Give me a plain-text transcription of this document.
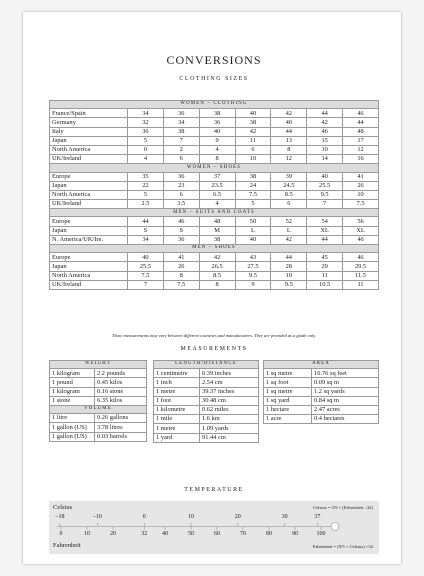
CONVERSIONS
CLOTHING SIZES
WOMEN – CLOTHING							
France/Spain	34	36	38	40	42	44	46
Germany	32	34	36	38	40	42	44
Italy	36	38	40	42	44	46	48
Japan	5	7	9	11	13	15	17
North America	0	2	4	6	8	10	12
UK/Ireland	4	6	8	10	12	14	16
WOMEN – SHOES							
Europe	35	36	37	38	39	40	41
Japan	22	23	23.5	24	24.5	25.5	26
North America	5	6	6.5	7.5	8.5	9.5	10
UK/Ireland	2.5	3.5	4	5	6	7	7.5
MEN – SUITS AND COATS							
Europe	44	46	48	50	52	54	56
Japan	S	S	M	L	L	XL	XL
N. America/UK/Ire.	34	36	38	40	42	44	46
MEN – SHOES							
Europe	40	41	42	43	44	45	46
Japan	25.5	26	26.5	27.5	28	29	29.5
North America	7.5	8	8.5	9.5	10	11	11.5
UK/Ireland	7	7.5	8	9	9.5	10.5	11
These measurements may vary between different countries and manufacturers. They are provided as a guide only.
MEASUREMENTS
WEIGHT	
1 kilogram	2.2 pounds
1 pound	0.45 kilos
1 kilogram	0.16 stone
1 stone	6.35 kilos
VOLUME	
1 litre	0.26 gallons
1 gallon (US)	3.78 litres
1 gallon (US)	0.03 barrels
LENGTH/DISTANCE	
1 centimetre	0.39 inches
1 inch	2.54 cm
1 metre	39.37 inches
1 foot	30.48 cm
1 kilometre	0.62 miles
1 mile	1.6 km
1 metre	1.09 yards
1 yard	91.44 cm
AREA	
1 sq metre	10.76 sq feet
1 sq foot	0.09 sq m
1 sq metre	1.2 sq yards
1 sq yard	0.84 sq m
1 hectare	2.47 acres
1 acre	0.4 hectares
TEMPERATURE
Celsius	Celsius = 5/9 × (Fahrenheit –32)
–18	–10	0	10	20	30	37
0	10	20	32 40	50	60	70	80	90	100
Fahrenheit	Fahrenheit = (9/5 × Celsius) +32
